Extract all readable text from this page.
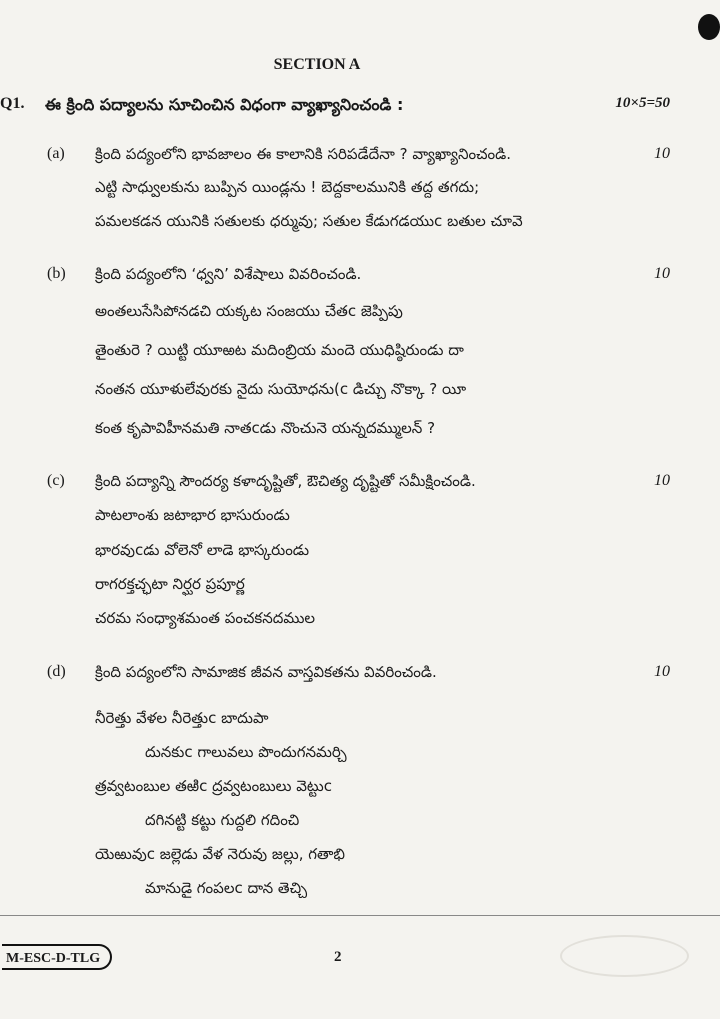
SECTION A
Q1. ఈ క్రింది పద్యాలను సూచించిన విధంగా వ్యాఖ్యానించండి :	10×5=50
(a) క్రింది పద్యంలోని భావజాలం ఈ కాలానికి సరిపడేదేనా ? వ్యాఖ్యానించండి.	10
ఎట్టి సాధ్వులకును బుప్పిన యిండ్లను ! బెద్దకాలమునికి తద్ద తగదు;
పమలకడన యునికి సతులకు ధర్మువు; సతుల కేడుగడయుc బతుల చూవె
(b) క్రింది పద్యంలోని ‘ధ్వని’ విశేషాలు వివరించండి.	10
అంతలుసేసిపోనడచి యక్కట సంజయు చేతc జెప్పిపు
తైంతురె ? యిట్టి యూఱట మదింబ్రియ మందె యుధిష్ఠిరుండు దా
నంతన యూళులేవురకు నైదు సుయోధను(c డిచ్చు నొక్కా ? యీ
కంత కృపావిహీనమతి నాతcడు నొంచునె యన్నదమ్ములన్ ?
(c) క్రింది పద్యాన్ని సౌందర్య కళాదృష్టితో, ఔచిత్య దృష్టితో సమీక్షించండి.	10
పాటలాంశు జటాభార భాసురుండు
భారవుcడు వోలెనో లాడె భాస్కరుండు
రాగరక్తచ్ఛటా నిర్ఘర ప్రపూర్ణ
చరమ సంధ్యాశమంత పంచకనదముల
(d) క్రింది పద్యంలోని సామాజిక జీవన వాస్తవికతను వివరించండి.	10
నీరెత్తు వేళల నీరెత్తుc బాదుపా
దునకుc గాలువలు పొందుగనమర్చి
త్రవ్వటంబుల తఱిc ద్రవ్వటంబులు వెట్టుc
దగినట్టి కట్టు గుద్దలి గదించి
యెఱువుc జల్లెడు వేళ నెరువు జల్లు, గతాభి
మానుడై గంపలc దాన తెచ్చి
M-ESC-D-TLG	2
